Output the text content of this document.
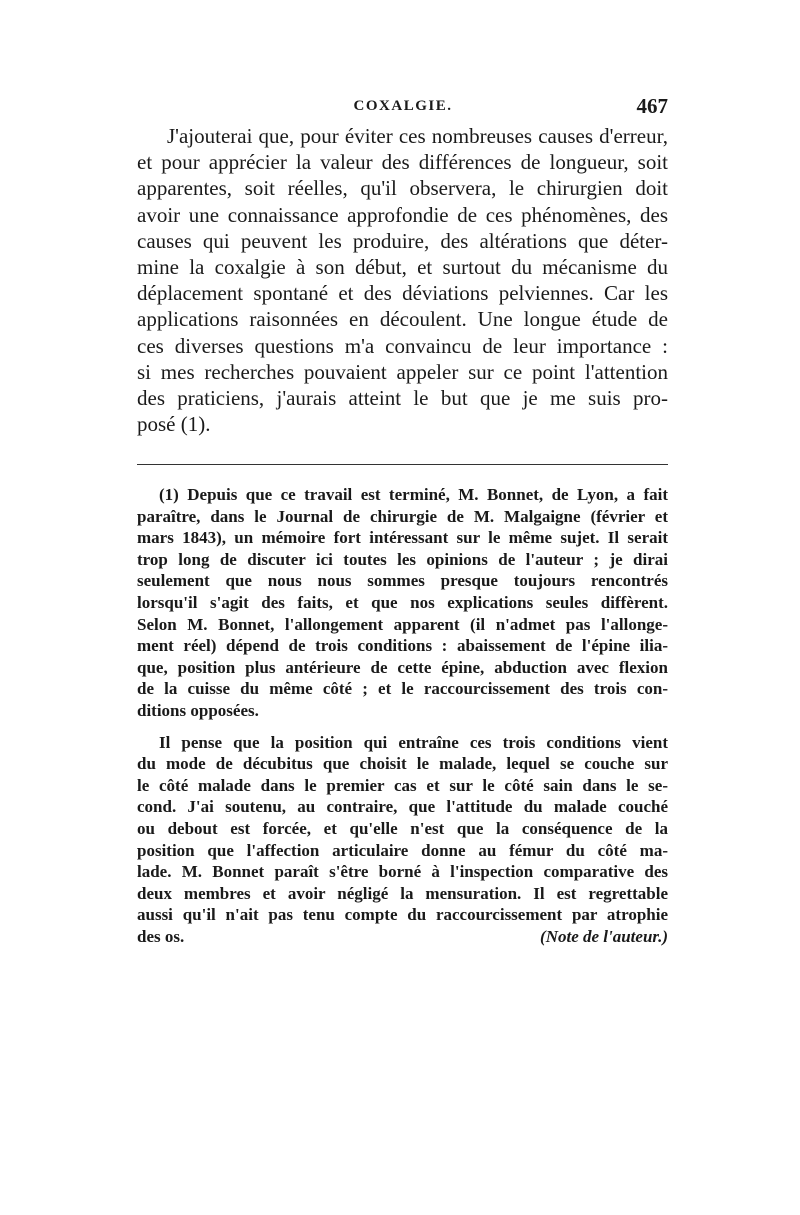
COXALGIE.	467
J'ajouterai que, pour éviter ces nombreuses causes d'erreur,
et pour apprécier la valeur des différences de longueur, soit
apparentes, soit réelles, qu'il observera, le chirurgien doit
avoir une connaissance approfondie de ces phénomènes, des
causes qui peuvent les produire, des altérations que déter-
mine la coxalgie à son début, et surtout du mécanisme du
déplacement spontané et des déviations pelviennes. Car les
applications raisonnées en découlent. Une longue étude de
ces diverses questions m'a convaincu de leur importance :
si mes recherches pouvaient appeler sur ce point l'attention
des praticiens, j'aurais atteint le but que je me suis pro-
posé (1).
(1) Depuis que ce travail est terminé, M. Bonnet, de Lyon, a fait
paraître, dans le Journal de chirurgie de M. Malgaigne (février et
mars 1843), un mémoire fort intéressant sur le même sujet. Il serait
trop long de discuter ici toutes les opinions de l'auteur ; je dirai
seulement que nous nous sommes presque toujours rencontrés
lorsqu'il s'agit des faits, et que nos explications seules diffèrent.
Selon M. Bonnet, l'allongement apparent (il n'admet pas l'allonge-
ment réel) dépend de trois conditions : abaissement de l'épine ilia-
que, position plus antérieure de cette épine, abduction avec flexion
de la cuisse du même côté ; et le raccourcissement des trois con-
ditions opposées.
Il pense que la position qui entraîne ces trois conditions vient
du mode de décubitus que choisit le malade, lequel se couche sur
le côté malade dans le premier cas et sur le côté sain dans le se-
cond. J'ai soutenu, au contraire, que l'attitude du malade couché
ou debout est forcée, et qu'elle n'est que la conséquence de la
position que l'affection articulaire donne au fémur du côté ma-
lade. M. Bonnet paraît s'être borné à l'inspection comparative des
deux membres et avoir négligé la mensuration. Il est regrettable
aussi qu'il n'ait pas tenu compte du raccourcissement par atrophie
des os.	(Note de l'auteur.)
